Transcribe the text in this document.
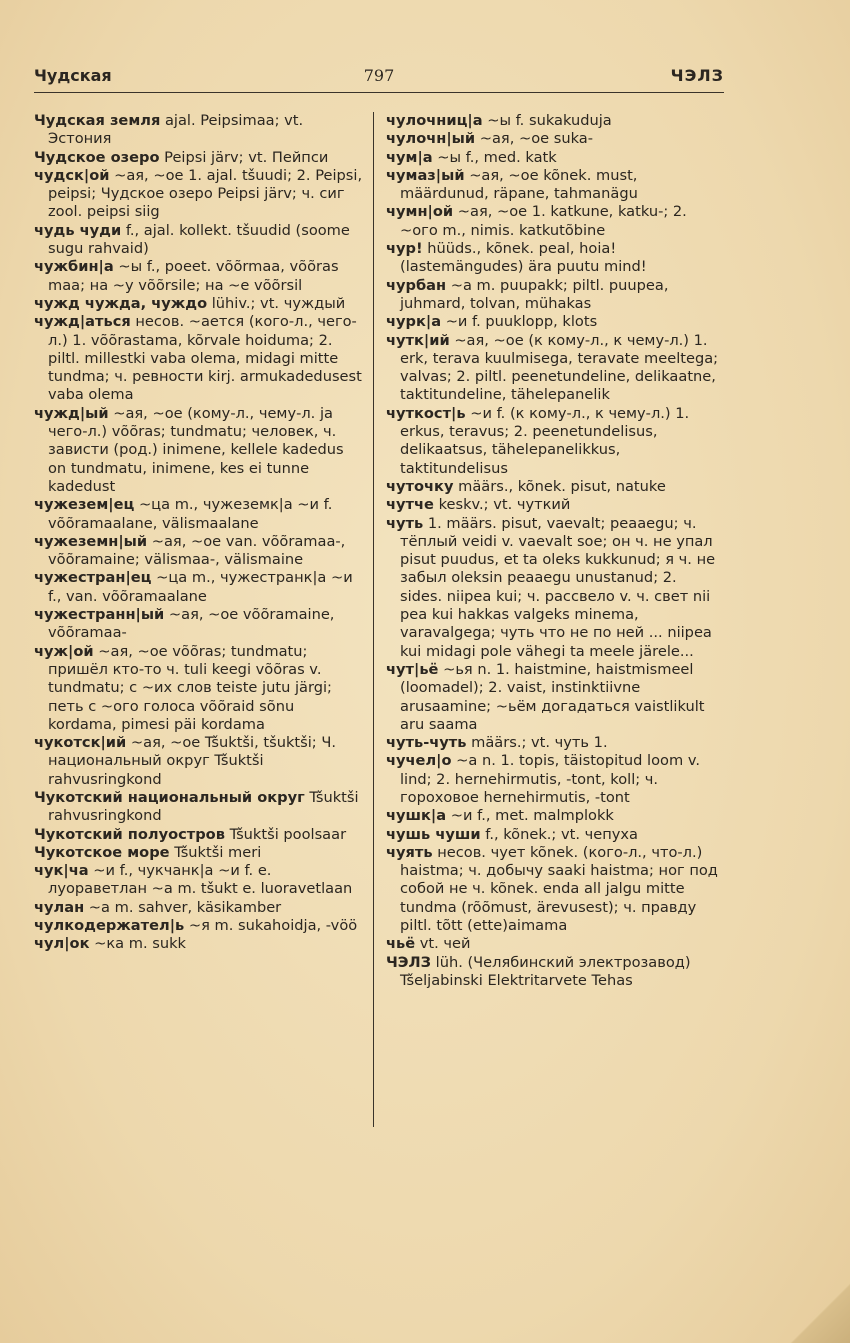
Чудская	797	ЧЭЛЗ
Чудская земля ajal. Peipsimaa; vt. Эстония
Чудское озеро Peipsi järv; vt. Пейпси
чудск|ой ~ая, ~ое 1. ajal. tšuudi; 2. Peipsi, peipsi; Чудское озеро Peipsi järv; ч. сиг zool. peipsi siig
чудь чуди f., ajal. kollekt. tšuudid (soome sugu rahvaid)
чужбин|а ~ы f., poeet. võõrmaa, võõras maa; на ~у võõrsile; на ~е võõrsil
чужд чужда, чуждо lühiv.; vt. чуждый
чужд|аться несов. ~ается (кого-л., чего-л.) 1. võõrastama, kõrvale hoiduma; 2. piltl. millestki vaba olema, midagi mitte tundma; ч. ревности kirj. armukadedusest vaba olema
чужд|ый ~ая, ~ое (кому-л., чему-л. ja чего-л.) võõras; tundmatu; человек, ч. зависти (род.) inimene, kellele kadedus on tundmatu, inimene, kes ei tunne kadedust
чужезем|ец ~ца m., чужеземк|а ~и f. võõramaalane, välismaalane
чужеземн|ый ~ая, ~ое van. võõramaa-, võõramaine; välismaa-, välismaine
чужестран|ец ~ца m., чужестранк|а ~и f., van. võõramaalane
чужестранн|ый ~ая, ~ое võõramaine, võõramaa-
чуж|ой ~ая, ~ое võõras; tundmatu; пришёл кто-то ч. tuli keegi võõras v. tundmatu; с ~их слов teiste jutu järgi; петь с ~ого голоса võõraid sõnu kordama, pimesi päi kordama
чукотск|ий ~ая, ~ое Tšuktši, tšuktši; Ч. национальный округ Tšuktši rahvusringkond
Чукотский национальный округ Tšuktši rahvusringkond
Чукотский полуостров Tšuktši poolsaar
Чукотское море Tšuktši meri
чук|ча ~и f., чукчанк|а ~и f. e. луораветлан ~а m. tšukt e. luoravetlaan
чулан ~а m. sahver, käsikamber
чулкодержател|ь ~я m. sukahoidja, -vöö
чул|ок ~ка m. sukk
чулочниц|а ~ы f. sukakuduja
чулочн|ый ~ая, ~ое suka-
чум|а ~ы f., med. katk
чумаз|ый ~ая, ~ое kõnek. must, määrdunud, räpane, tahmanägu
чумн|ой ~ая, ~ое 1. katkune, katku-; 2. ~ого m., nimis. katkutõbine
чур! hüüds., kõnek. peal, hoia! (lastemängudes) ära puutu mind!
чурбан ~а m. puupakk; piltl. puupea, juhmard, tolvan, mühakas
чурк|а ~и f. puuklopp, klots
чутк|ий ~ая, ~ое (к кому-л., к чему-л.) 1. erk, terava kuulmisega, teravate meeltega; valvas; 2. piltl. peenetundeline, delikaatne, taktitundeline, tähelepanelik
чуткост|ь ~и f. (к кому-л., к чему-л.) 1. erkus, teravus; 2. peenetundelisus, delikaatsus, tähelepanelikkus, taktitundelisus
чуточку määrs., kõnek. pisut, natuke
чутче keskv.; vt. чуткий
чуть 1. määrs. pisut, vaevalt; peaaegu; ч. тёплый veidi v. vaevalt soe; он ч. не упал pisut puudus, et ta oleks kukkunud; я ч. не забыл oleksin peaaegu unustanud; 2. sides. niipea kui; ч. рассвело v. ч. свет nii pea kui hakkas valgeks minema, varavalgega; чуть что не по ней ... niipea kui midagi pole vähegi ta meele järele...
чут|ьё ~ья n. 1. haistmine, haistmismeel (loomadel); 2. vaist, instinktiivne arusaamine; ~ьём догадаться vaistlikult aru saama
чуть-чуть määrs.; vt. чуть 1.
чучел|о ~а n. 1. topis, täistopitud loom v. lind; 2. hernehirmutis, -tont, koll; ч. гороховое hernehirmutis, -tont
чушк|а ~и f., met. malmplokk
чушь чуши f., kõnek.; vt. чепуха
чуять несов. чует kõnek. (кого-л., что-л.) haistma; ч. добычу saaki haistma; ног под собой не ч. kõnek. enda all jalgu mitte tundma (rõõmust, ärevusest); ч. правду piltl. tõtt (ette)aimama
чьё vt. чей
ЧЭЛЗ lüh. (Челябинский электрозавод) Tšeljabinski Elektritarvete Tehas
